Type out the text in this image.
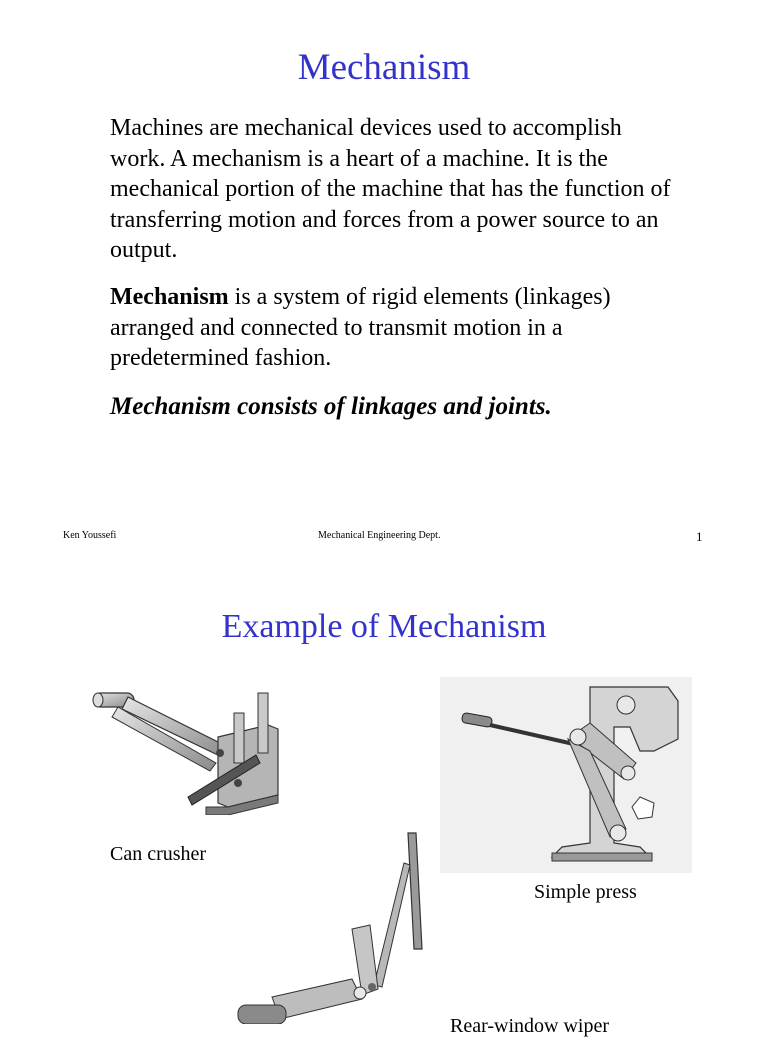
Mechanism
Machines are mechanical devices used to accomplish work. A mechanism is a heart of a machine. It is the mechanical portion of the machine that has the function of transferring motion and forces from a power source to an output.
Mechanism is a system of rigid elements (linkages) arranged and connected to transmit motion in a predetermined fashion.
Mechanism consists of linkages and joints.
Ken Youssefi	Mechanical Engineering Dept.	1
Example of Mechanism
Can crusher
Simple press
Rear-window wiper
